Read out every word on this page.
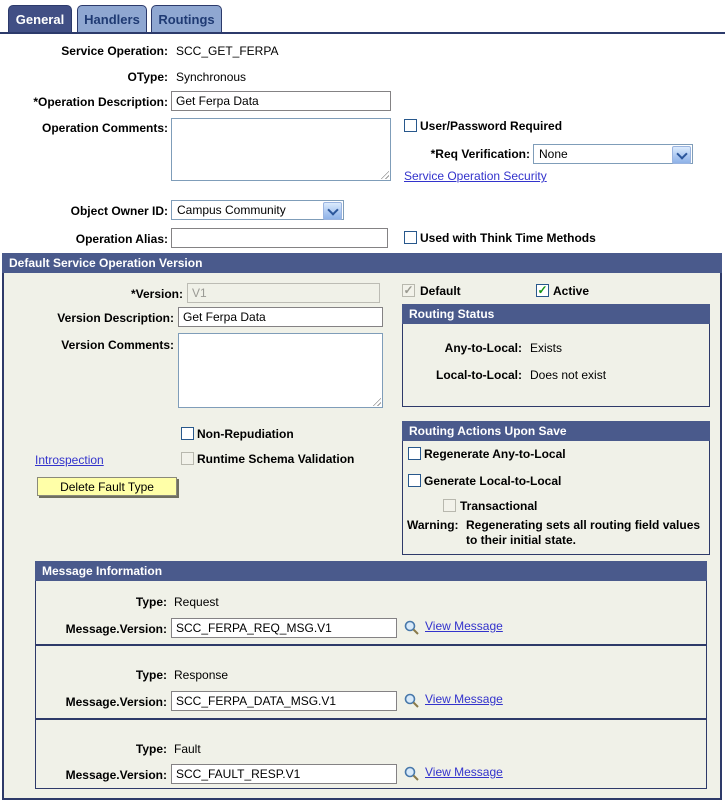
General Handlers Routings
Service Operation: SCC_GET_FERPA
OType: Synchronous
*Operation Description:
Get Ferpa Data
Operation Comments:	User/Password Required
*Req Verification: None
Service Operation Security
Object Owner ID: Campus Community
Operation Alias:	Used with Think Time Methods
Default Service Operation Version
*Version:
V1 ✓	Default ✓	Active
Version Description:
Get Ferpa Data
Version Comments:
Routing Status
Any-to-Local: Exists
Local-to-Local: Does not exist
Non-Repudiation
Introspection	Runtime Schema Validation
Delete Fault Type
Routing Actions Upon Save
Regenerate Any-to-Local
Generate Local-to-Local
Transactional
Warning: Regenerating sets all routing field values
to their initial state.
Message Information
Type: Request
Message.Version:
SCC_FERPA_REQ_MSG.V1	View Message
Type: Response
Message.Version:
SCC_FERPA_DATA_MSG.V1	View Message
Type: Fault
Message.Version:
SCC_FAULT_RESP.V1	View Message
